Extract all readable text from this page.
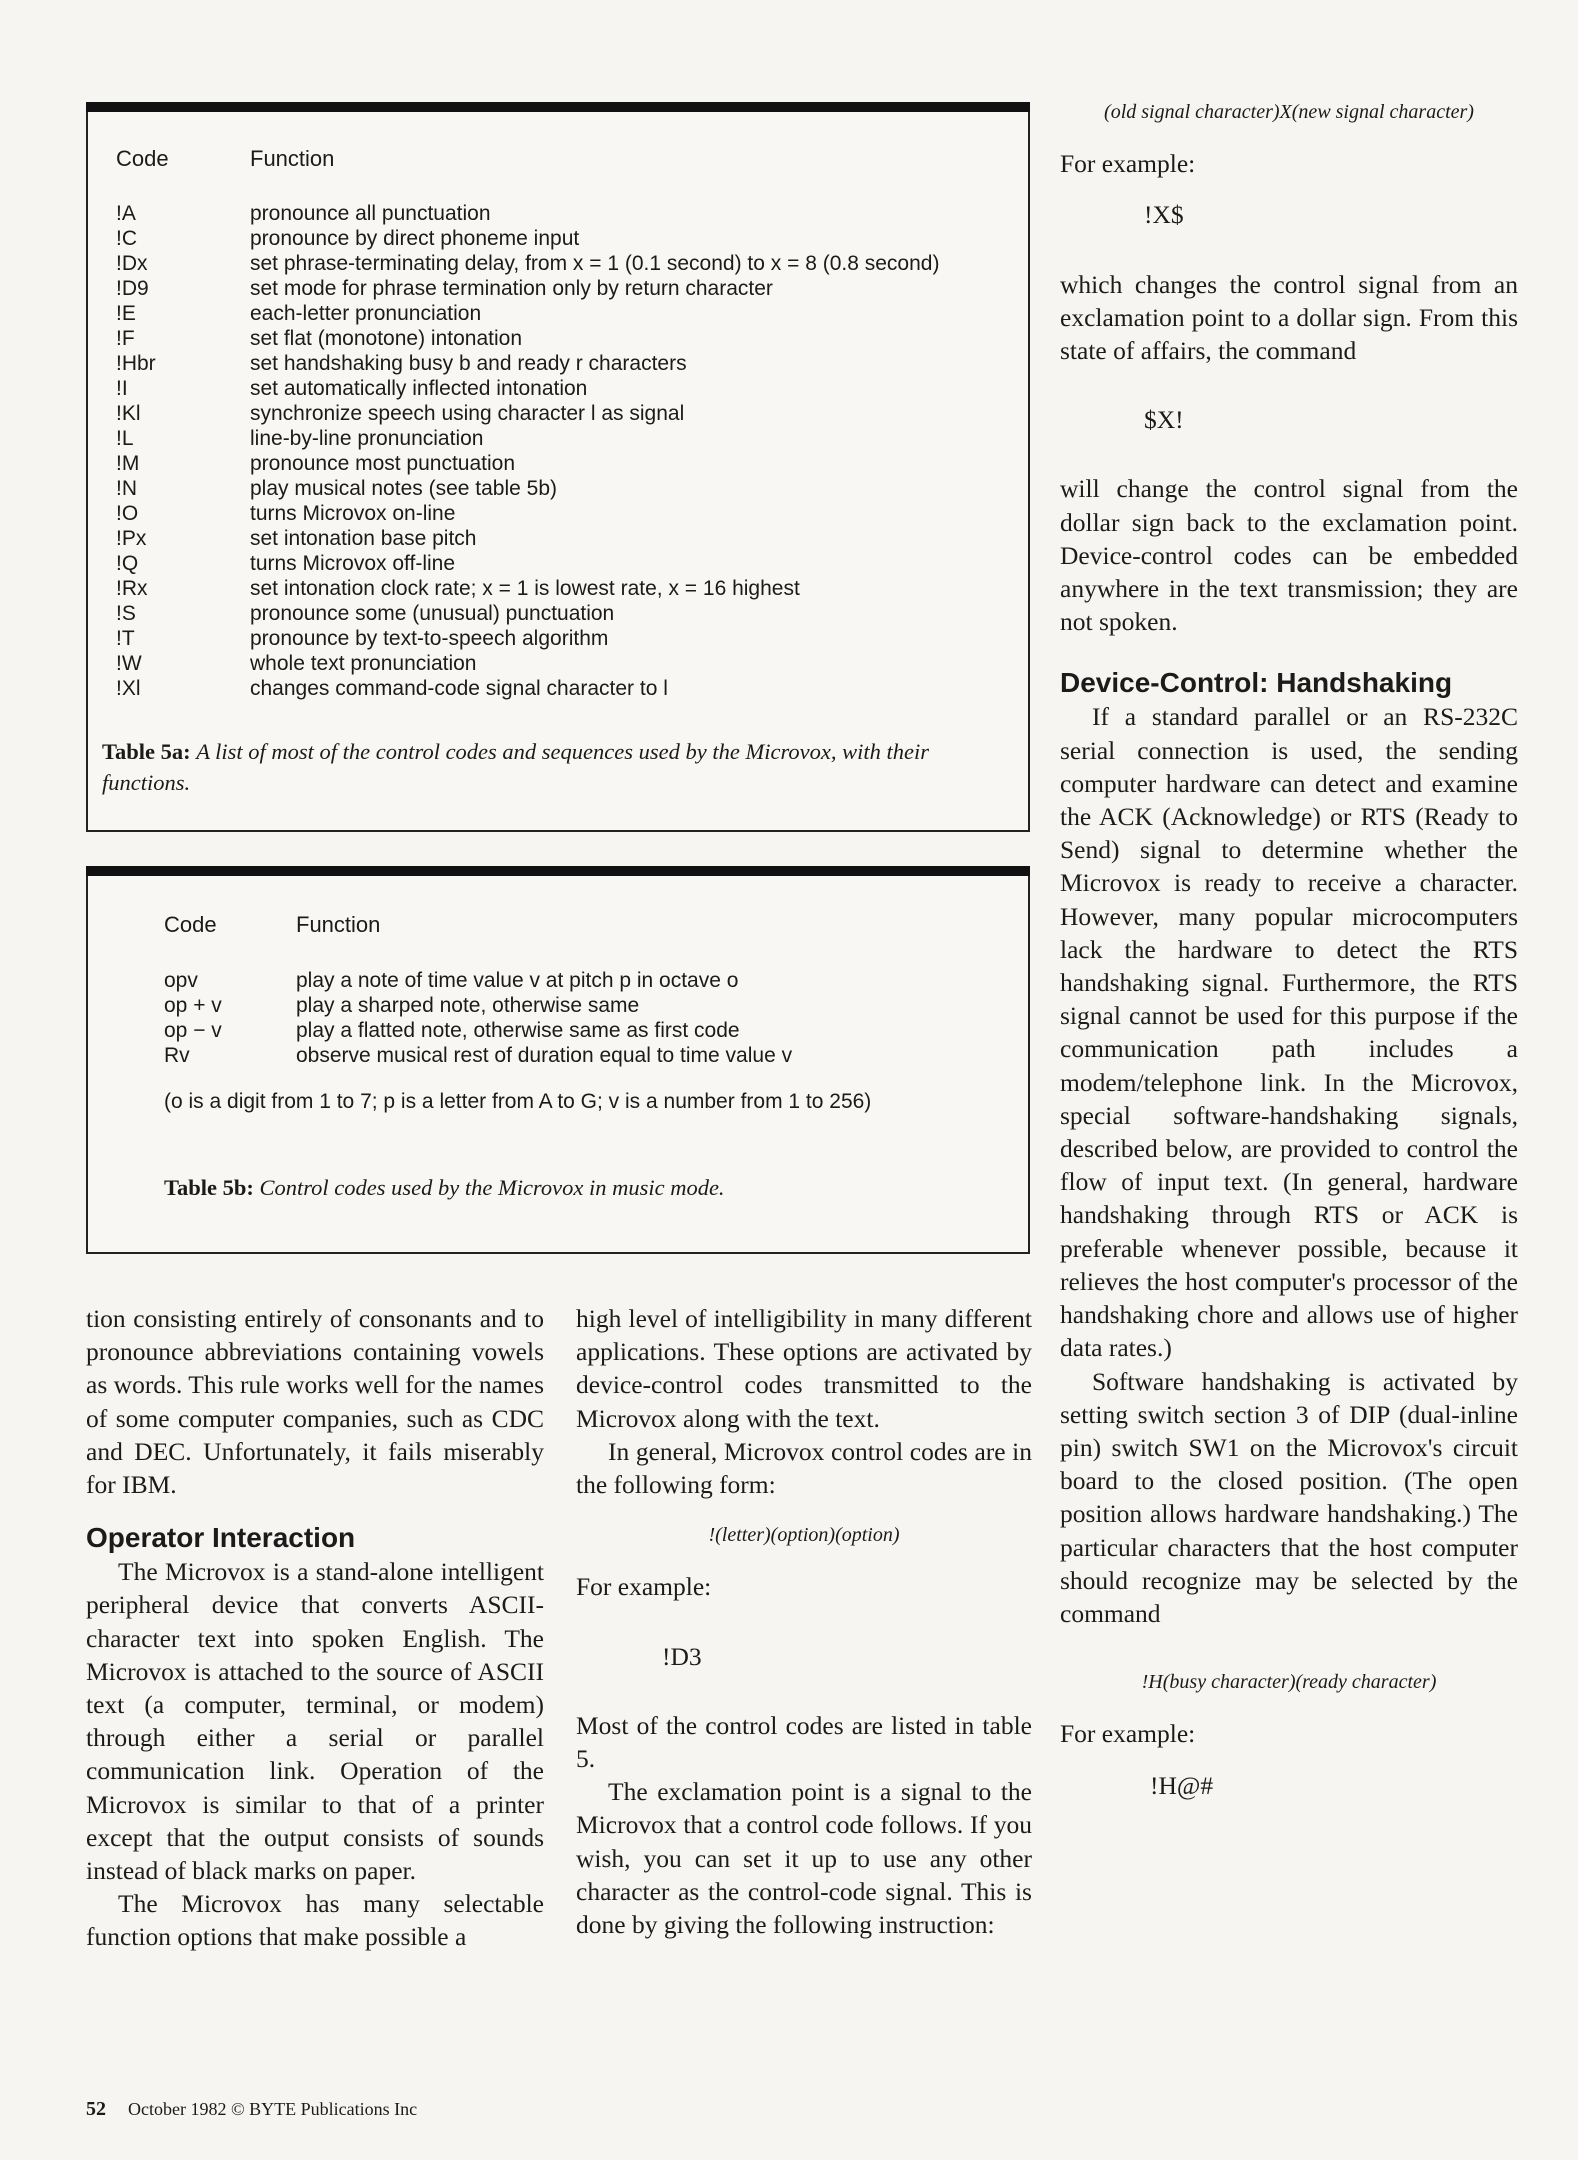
Code	Function
!A	pronounce all punctuation
!C	pronounce by direct phoneme input
!Dx	set phrase-terminating delay, from x = 1 (0.1 second) to x = 8 (0.8 second)
!D9	set mode for phrase termination only by return character
!E	each-letter pronunciation
!F	set flat (monotone) intonation
!Hbr	set handshaking busy b and ready r characters
!I	set automatically inflected intonation
!Kl	synchronize speech using character l as signal
!L	line-by-line pronunciation
!M	pronounce most punctuation
!N	play musical notes (see table 5b)
!O	turns Microvox on-line
!Px	set intonation base pitch
!Q	turns Microvox off-line
!Rx	set intonation clock rate; x = 1 is lowest rate, x = 16 highest
!S	pronounce some (unusual) punctuation
!T	pronounce by text-to-speech algorithm
!W	whole text pronunciation
!Xl	changes command-code signal character to l
Table 5a: A list of most of the control codes and sequences used by the Microvox, with their functions.
Code	Function
opv	play a note of time value v at pitch p in octave o
op + v	play a sharped note, otherwise same
op − v	play a flatted note, otherwise same as first code
Rv	observe musical rest of duration equal to time value v
(o is a digit from 1 to 7; p is a letter from A to G; v is a number from 1 to 256)
Table 5b: Control codes used by the Microvox in music mode.

tion consisting entirely of consonants and to pronounce abbreviations containing vowels as words. This rule works well for the names of some computer companies, such as CDC and DEC. Unfortunately, it fails miserably for IBM.

Operator Interaction

The Microvox is a stand-alone intelligent peripheral device that converts ASCII-character text into spoken English. The Microvox is attached to the source of ASCII text (a computer, terminal, or modem) through either a serial or parallel communication link. Operation of the Microvox is similar to that of a printer except that the output consists of sounds instead of black marks on paper.

The Microvox has many selectable function options that make possible a

high level of intelligibility in many different applications. These options are activated by device-control codes transmitted to the Microvox along with the text.

In general, Microvox control codes are in the following form:

!(letter)(option)(option)

For example:

!D3

Most of the control codes are listed in table 5.

The exclamation point is a signal to the Microvox that a control code follows. If you wish, you can set it up to use any other character as the control-code signal. This is done by giving the following instruction:

(old signal character)X(new signal character)

For example:

!X$

which changes the control signal from an exclamation point to a dollar sign. From this state of affairs, the command

$X!

will change the control signal from the dollar sign back to the exclamation point. Device-control codes can be embedded anywhere in the text transmission; they are not spoken.

Device-Control: Handshaking

If a standard parallel or an RS-232C serial connection is used, the sending computer hardware can detect and examine the ACK (Acknowledge) or RTS (Ready to Send) signal to determine whether the Microvox is ready to receive a character. However, many popular microcomputers lack the hardware to detect the RTS handshaking signal. Furthermore, the RTS signal cannot be used for this purpose if the communication path includes a modem/telephone link. In the Microvox, special software-handshaking signals, described below, are provided to control the flow of input text. (In general, hardware handshaking through RTS or ACK is preferable whenever possible, because it relieves the host computer's processor of the handshaking chore and allows use of higher data rates.)

Software handshaking is activated by setting switch section 3 of DIP (dual-inline pin) switch SW1 on the Microvox's circuit board to the closed position. (The open position allows hardware handshaking.) The particular characters that the host computer should recognize may be selected by the command

!H(busy character)(ready character)

For example:

!H@#

52 October 1982 © BYTE Publications Inc
